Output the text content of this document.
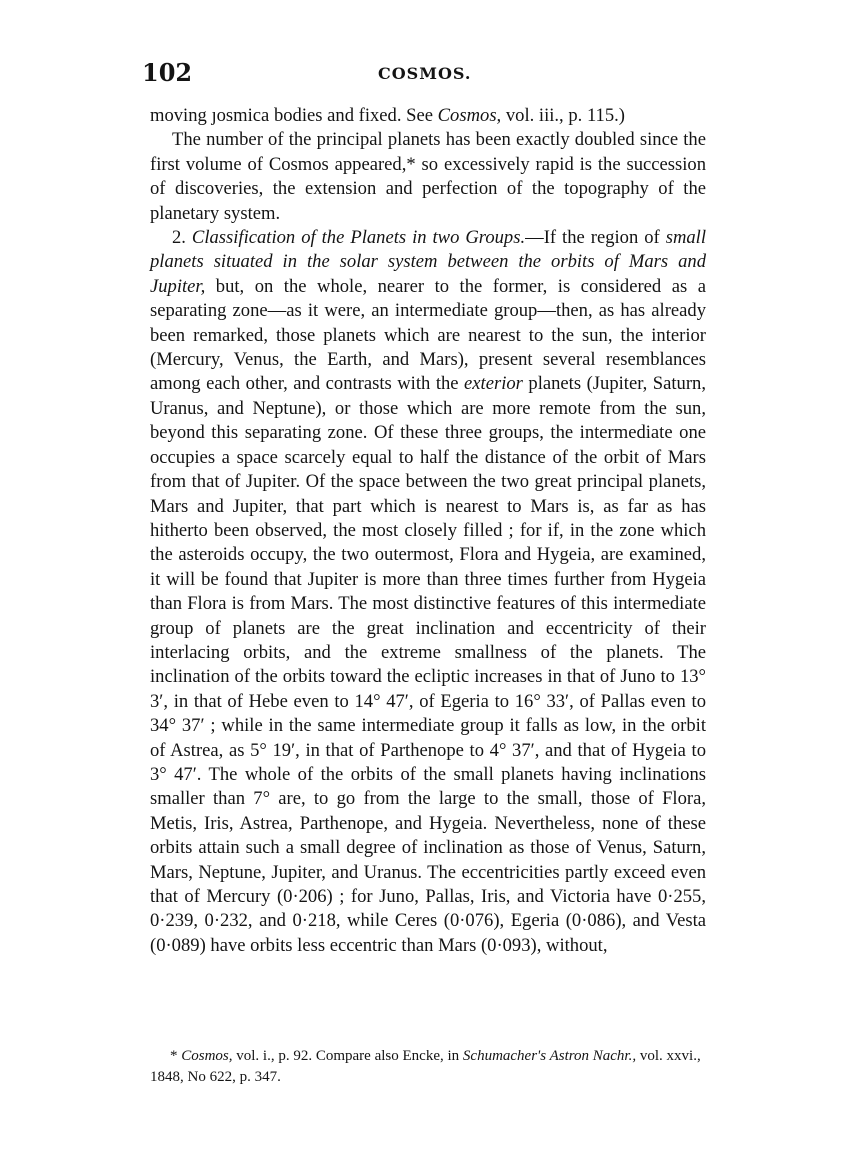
102	COSMOS.

moving ȷosmica bodies and fixed. See Cosmos, vol. iii., p. 115.)

The number of the principal planets has been exactly doubled since the first volume of Cosmos appeared,* so excessively rapid is the succession of discoveries, the extension and perfection of the topography of the planetary system.

2. Classification of the Planets in two Groups.—If the region of small planets situated in the solar system between the orbits of Mars and Jupiter, but, on the whole, nearer to the former, is considered as a separating zone—as it were, an intermediate group—then, as has already been remarked, those planets which are nearest to the sun, the interior (Mercury, Venus, the Earth, and Mars), present several resemblances among each other, and contrasts with the exterior planets (Jupiter, Saturn, Uranus, and Neptune), or those which are more remote from the sun, beyond this separating zone. Of these three groups, the intermediate one occupies a space scarcely equal to half the distance of the orbit of Mars from that of Jupiter. Of the space between the two great principal planets, Mars and Jupiter, that part which is nearest to Mars is, as far as has hitherto been observed, the most closely filled ; for if, in the zone which the asteroids occupy, the two outermost, Flora and Hygeia, are examined, it will be found that Jupiter is more than three times further from Hygeia than Flora is from Mars. The most distinctive features of this intermediate group of planets are the great inclination and eccentricity of their interlacing orbits, and the extreme smallness of the planets. The inclination of the orbits toward the ecliptic increases in that of Juno to 13° 3′, in that of Hebe even to 14° 47′, of Egeria to 16° 33′, of Pallas even to 34° 37′ ; while in the same intermediate group it falls as low, in the orbit of Astrea, as 5° 19′, in that of Parthenope to 4° 37′, and that of Hygeia to 3° 47′. The whole of the orbits of the small planets having inclinations smaller than 7° are, to go from the large to the small, those of Flora, Metis, Iris, Astrea, Parthenope, and Hygeia. Nevertheless, none of these orbits attain such a small degree of inclination as those of Venus, Saturn, Mars, Neptune, Jupiter, and Uranus. The eccentricities partly exceed even that of Mercury (0·206) ; for Juno, Pallas, Iris, and Victoria have 0·255, 0·239, 0·232, and 0·218, while Ceres (0·076), Egeria (0·086), and Vesta (0·089) have orbits less eccentric than Mars (0·093), without,

* Cosmos, vol. i., p. 92. Compare also Encke, in Schumacher's Astron Nachr., vol. xxvi., 1848, No 622, p. 347.
